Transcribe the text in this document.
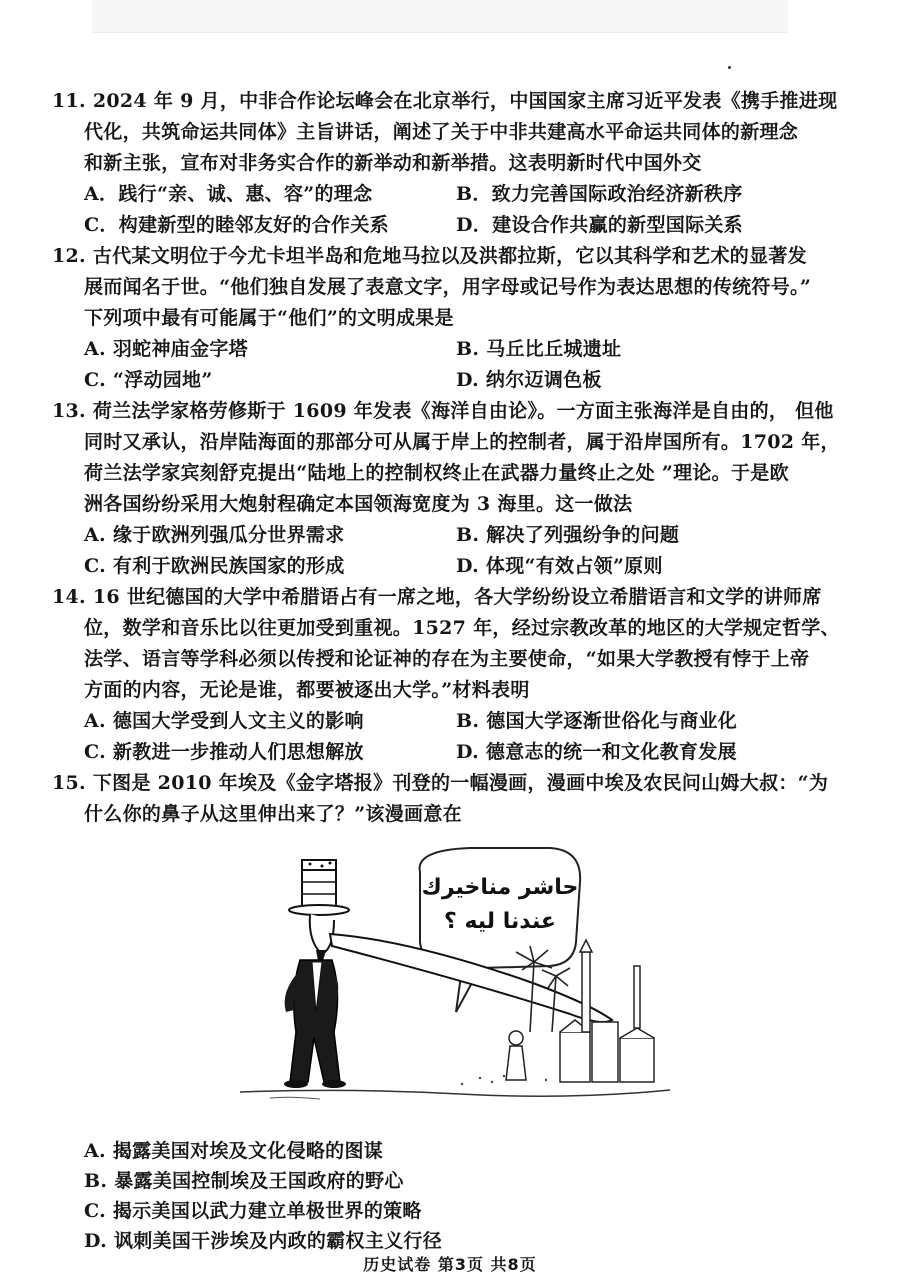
11. 2024 年 9 月，中非合作论坛峰会在北京举行，中国国家主席习近平发表《携手推进现
代化，共筑命运共同体》主旨讲话，阐述了关于中非共建高水平命运共同体的新理念
和新主张，宣布对非务实合作的新举动和新举措。这表明新时代中国外交
A．践行“亲、诚、惠、容”的理念	B．致力完善国际政治经济新秩序
C．构建新型的睦邻友好的合作关系	D．建设合作共赢的新型国际关系
12. 古代某文明位于今尤卡坦半岛和危地马拉以及洪都拉斯，它以其科学和艺术的显著发
展而闻名于世。“他们独自发展了表意文字，用字母或记号作为表达思想的传统符号。”
下列项中最有可能属于“他们”的文明成果是
A. 羽蛇神庙金字塔	B. 马丘比丘城遗址
C. “浮动园地”	D. 纳尔迈调色板
13. 荷兰法学家格劳修斯于 1609 年发表《海洋自由论》。一方面主张海洋是自由的， 但他
同时又承认，沿岸陆海面的那部分可从属于岸上的控制者，属于沿岸国所有。1702 年，
荷兰法学家宾刻舒克提出“陆地上的控制权终止在武器力量终止之处 ”理论。于是欧
洲各国纷纷采用大炮射程确定本国领海宽度为 3 海里。这一做法
A. 缘于欧洲列强瓜分世界需求	B. 解决了列强纷争的问题
C. 有利于欧洲民族国家的形成	D. 体现“有效占领”原则
14. 16 世纪德国的大学中希腊语占有一席之地，各大学纷纷设立希腊语言和文学的讲师席
位，数学和音乐比以往更加受到重视。1527 年，经过宗教改革的地区的大学规定哲学、
法学、语言等学科必须以传授和论证神的存在为主要使命，“如果大学教授有悖于上帝
方面的内容，无论是谁，都要被逐出大学。”材料表明
A. 德国大学受到人文主义的影响	B. 德国大学逐渐世俗化与商业化
C. 新教进一步推动人们思想解放	D. 德意志的统一和文化教育发展
15. 下图是 2010 年埃及《金字塔报》刊登的一幅漫画，漫画中埃及农民问山姆大叔：“为
什么你的鼻子从这里伸出来了？”该漫画意在
حاشر مناخيرك
عندنا ليه ؟
A. 揭露美国对埃及文化侵略的图谋
B. 暴露美国控制埃及王国政府的野心
C. 揭示美国以武力建立单极世界的策略
D. 讽刺美国干涉埃及内政的霸权主义行径
历史试卷 第3页 共8页
